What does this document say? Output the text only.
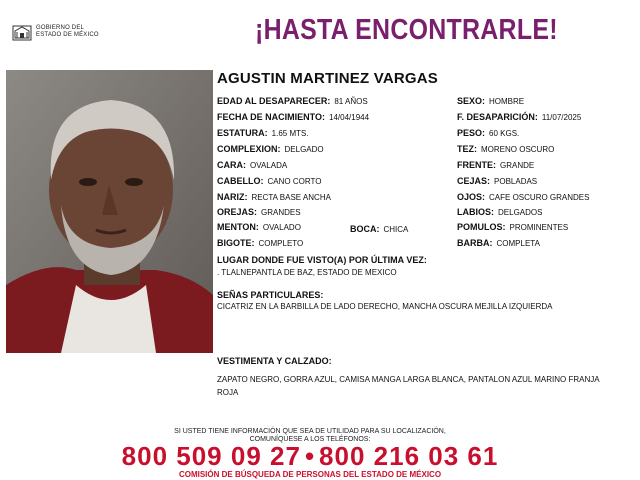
GOBIERNO DEL
ESTADO DE MÉXICO	¡HASTA ENCONTRARLE!
AGUSTIN MARTINEZ VARGAS
EDAD AL DESAPARECER: 81 AÑOS
FECHA DE NACIMIENTO: 14/04/1944
ESTATURA: 1.65 MTS.
COMPLEXION: DELGADO
CARA: OVALADA
CABELLO: CANO CORTO
NARIZ: RECTA BASE ANCHA
OREJAS: GRANDES
MENTON: OVALADO	BOCA: CHICA
BIGOTE: COMPLETO
SEXO: HOMBRE
F. DESAPARICIÓN: 11/07/2025
PESO: 60 KGS.
TEZ: MORENO OSCURO
FRENTE: GRANDE
CEJAS: POBLADAS
OJOS: CAFE OSCURO GRANDES
LABIOS: DELGADOS
POMULOS: PROMINENTES
BARBA: COMPLETA
LUGAR DONDE FUE VISTO(A) POR ÚLTIMA VEZ:
. TLALNEPANTLA DE BAZ, ESTADO DE MEXICO
SEÑAS PARTICULARES:
CICATRIZ EN LA BARBILLA DE LADO DERECHO, MANCHA OSCURA MEJILLA IZQUIERDA
VESTIMENTA Y CALZADO:
ZAPATO NEGRO, GORRA AZUL, CAMISA MANGA LARGA BLANCA, PANTALON AZUL MARINO FRANJA ROJA
SI USTED TIENE INFORMACIÓN QUE SEA DE UTILIDAD PARA SU LOCALIZACIÓN,
COMUNÍQUESE A LOS TELÉFONOS:
800 509 09 27 • 800 216 03 61
COMISIÓN DE BÚSQUEDA DE PERSONAS DEL ESTADO DE MÉXICO
